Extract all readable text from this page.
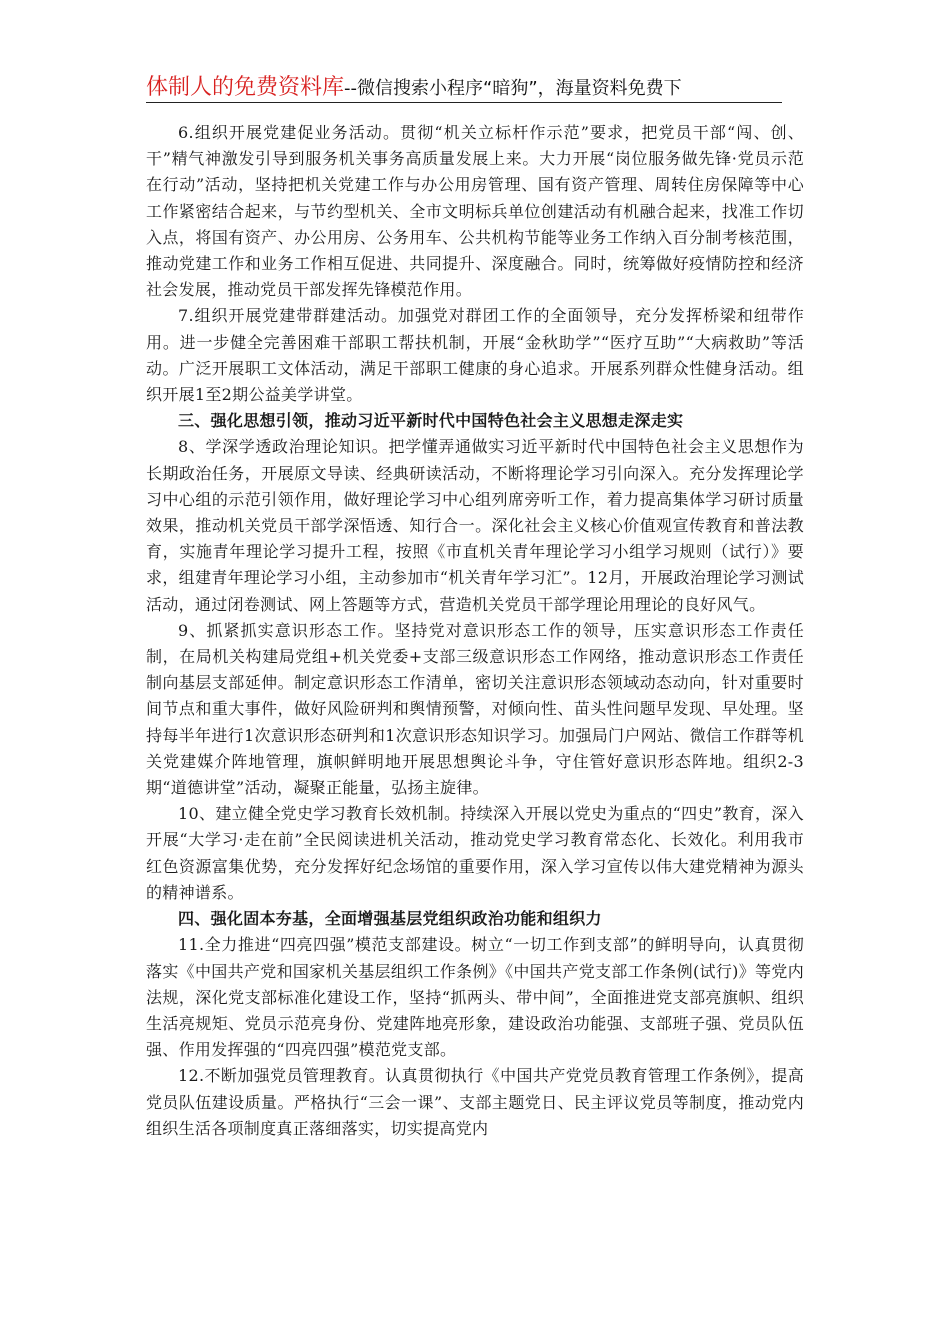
体制人的免费资料库--微信搜索小程序“暗狗”，海量资料免费下

6.组织开展党建促业务活动。贯彻“机关立标杆作示范”要求，把党员干部“闯、创、干”精气神激发引导到服务机关事务高质量发展上来。大力开展“岗位服务做先锋·党员示范在行动”活动，坚持把机关党建工作与办公用房管理、国有资产管理、周转住房保障等中心工作紧密结合起来，与节约型机关、全市文明标兵单位创建活动有机融合起来，找准工作切入点，将国有资产、办公用房、公务用车、公共机构节能等业务工作纳入百分制考核范围，推动党建工作和业务工作相互促进、共同提升、深度融合。同时，统筹做好疫情防控和经济社会发展，推动党员干部发挥先锋模范作用。

7.组织开展党建带群建活动。加强党对群团工作的全面领导，充分发挥桥梁和纽带作用。进一步健全完善困难干部职工帮扶机制，开展“金秋助学”“医疗互助”“大病救助”等活动。广泛开展职工文体活动，满足干部职工健康的身心追求。开展系列群众性健身活动。组织开展1至2期公益美学讲堂。

三、强化思想引领，推动习近平新时代中国特色社会主义思想走深走实

8、学深学透政治理论知识。把学懂弄通做实习近平新时代中国特色社会主义思想作为长期政治任务，开展原文导读、经典研读活动，不断将理论学习引向深入。充分发挥理论学习中心组的示范引领作用，做好理论学习中心组列席旁听工作，着力提高集体学习研讨质量效果，推动机关党员干部学深悟透、知行合一。深化社会主义核心价值观宣传教育和普法教育，实施青年理论学习提升工程，按照《市直机关青年理论学习小组学习规则（试行）》要求，组建青年理论学习小组，主动参加市“机关青年学习汇”。12月，开展政治理论学习测试活动，通过闭卷测试、网上答题等方式，营造机关党员干部学理论用理论的良好风气。

9、抓紧抓实意识形态工作。坚持党对意识形态工作的领导，压实意识形态工作责任制，在局机关构建局党组+机关党委+支部三级意识形态工作网络，推动意识形态工作责任制向基层支部延伸。制定意识形态工作清单，密切关注意识形态领域动态动向，针对重要时间节点和重大事件，做好风险研判和舆情预警，对倾向性、苗头性问题早发现、早处理。坚持每半年进行1次意识形态研判和1次意识形态知识学习。加强局门户网站、微信工作群等机关党建媒介阵地管理，旗帜鲜明地开展思想舆论斗争，守住管好意识形态阵地。组织2-3期“道德讲堂”活动，凝聚正能量，弘扬主旋律。

10、建立健全党史学习教育长效机制。持续深入开展以党史为重点的“四史”教育，深入开展“大学习·走在前”全民阅读进机关活动，推动党史学习教育常态化、长效化。利用我市红色资源富集优势，充分发挥好纪念场馆的重要作用，深入学习宣传以伟大建党精神为源头的精神谱系。

四、强化固本夯基，全面增强基层党组织政治功能和组织力

11.全力推进“四亮四强”模范支部建设。树立“一切工作到支部”的鲜明导向，认真贯彻落实《中国共产党和国家机关基层组织工作条例》《中国共产党支部工作条例(试行)》等党内法规，深化党支部标准化建设工作，坚持“抓两头、带中间”，全面推进党支部亮旗帜、组织生活亮规矩、党员示范亮身份、党建阵地亮形象，建设政治功能强、支部班子强、党员队伍强、作用发挥强的“四亮四强”模范党支部。

12.不断加强党员管理教育。认真贯彻执行《中国共产党党员教育管理工作条例》，提高党员队伍建设质量。严格执行“三会一课”、支部主题党日、民主评议党员等制度，推动党内组织生活各项制度真正落细落实，切实提高党内
